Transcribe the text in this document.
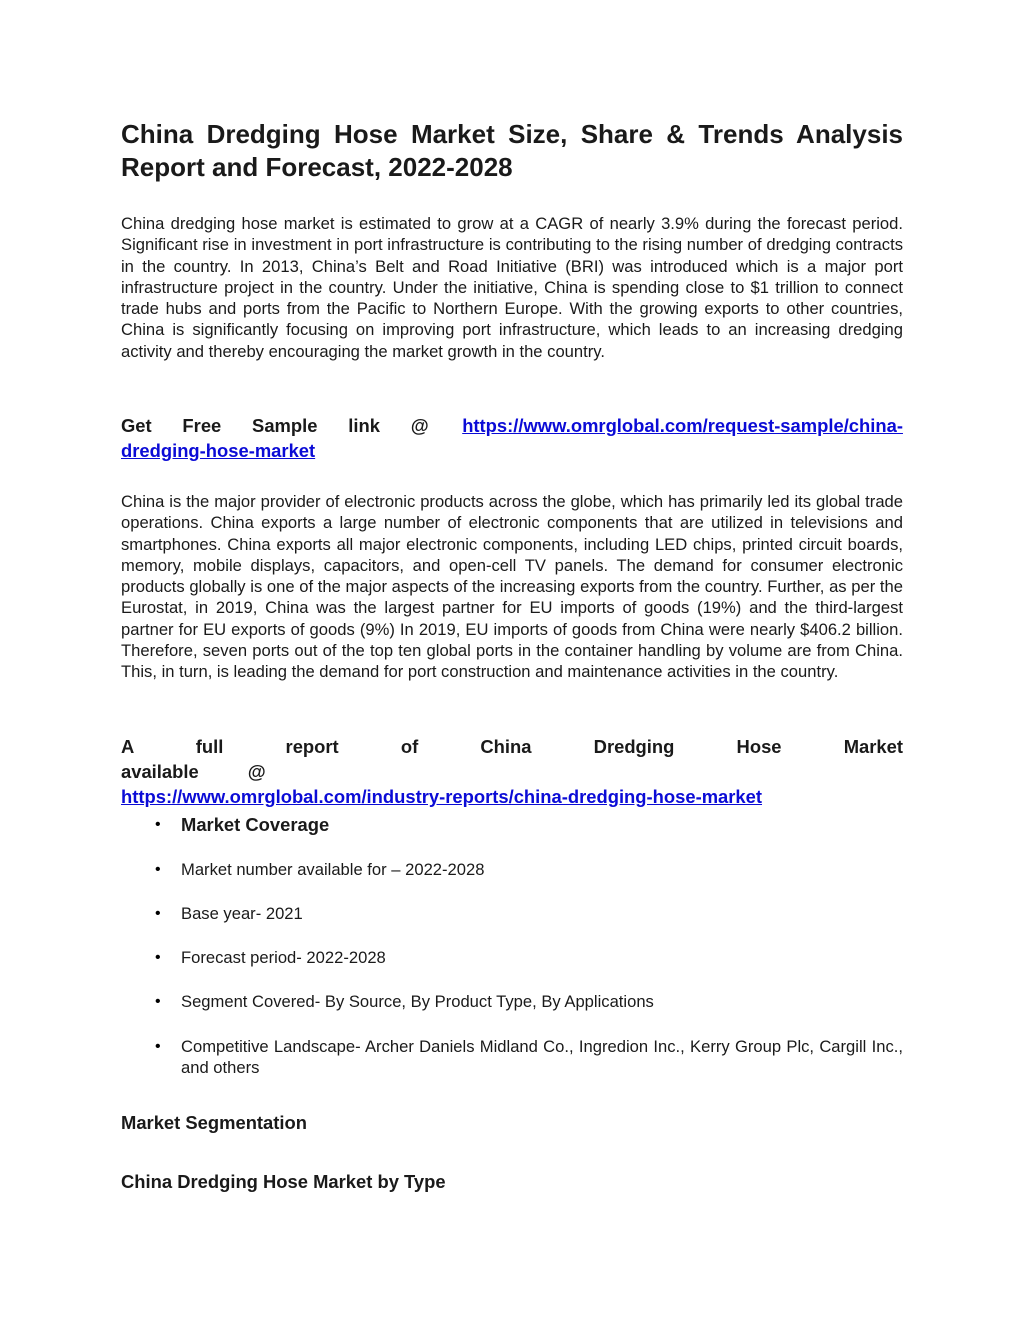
China Dredging Hose Market Size, Share & Trends Analysis Report and Forecast, 2022-2028

China dredging hose market is estimated to grow at a CAGR of nearly 3.9% during the forecast period. Significant rise in investment in port infrastructure is contributing to the rising number of dredging contracts in the country. In 2013, China’s Belt and Road Initiative (BRI) was introduced which is a major port infrastructure project in the country. Under the initiative, China is spending close to $1 trillion to connect trade hubs and ports from the Pacific to Northern Europe. With the growing exports to other countries, China is significantly focusing on improving port infrastructure, which leads to an increasing dredging activity and thereby encouraging the market growth in the country.

Get Free Sample link @ https://www.omrglobal.com/request-sample/china-dredging-hose-market

China is the major provider of electronic products across the globe, which has primarily led its global trade operations. China exports a large number of electronic components that are utilized in televisions and smartphones. China exports all major electronic components, including LED chips, printed circuit boards, memory, mobile displays, capacitors, and open-cell TV panels. The demand for consumer electronic products globally is one of the major aspects of the increasing exports from the country. Further, as per the Eurostat, in 2019, China was the largest partner for EU imports of goods (19%) and the third-largest partner for EU exports of goods (9%) In 2019, EU imports of goods from China were nearly $406.2 billion. Therefore, seven ports out of the top ten global ports in the container handling by volume are from China. This, in turn, is leading the demand for port construction and maintenance activities in the country.

A full report of China Dredging Hose Market available @
https://www.omrglobal.com/industry-reports/china-dredging-hose-market

• Market Coverage
• Market number available for – 2022-2028
• Base year- 2021
• Forecast period- 2022-2028
• Segment Covered- By Source, By Product Type, By Applications
• Competitive Landscape- Archer Daniels Midland Co., Ingredion Inc., Kerry Group Plc, Cargill Inc., and others
Market Segmentation
China Dredging Hose Market by Type
